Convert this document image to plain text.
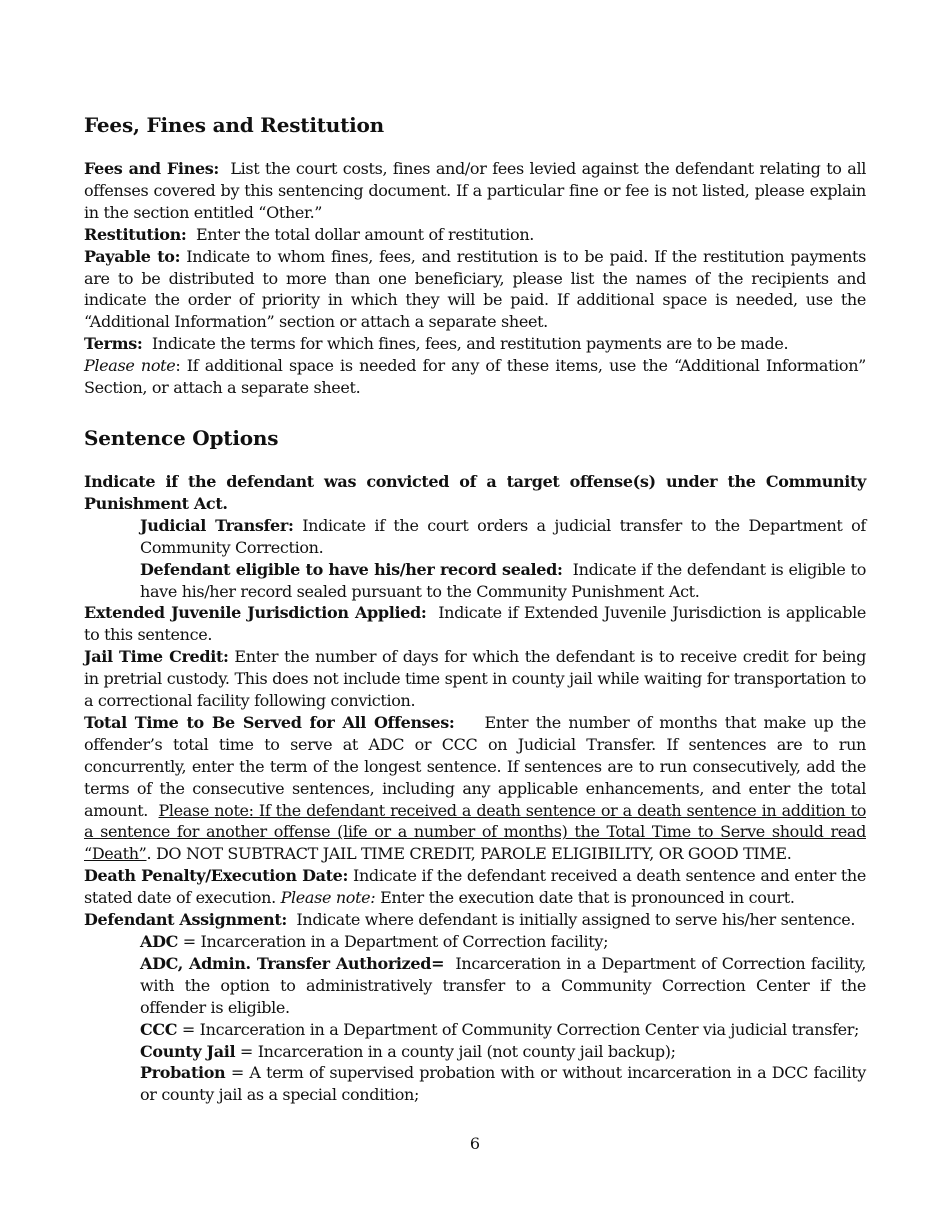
Fees, Fines and Restitution

Fees and Fines: List the court costs, fines and/or fees levied against the defendant relating to all offenses covered by this sentencing document. If a particular fine or fee is not listed, please explain in the section entitled “Other.”

Restitution: Enter the total dollar amount of restitution.

Payable to: Indicate to whom fines, fees, and restitution is to be paid. If the restitution payments are to be distributed to more than one beneficiary, please list the names of the recipients and indicate the order of priority in which they will be paid. If additional space is needed, use the “Additional Information” section or attach a separate sheet.

Terms: Indicate the terms for which fines, fees, and restitution payments are to be made.

Please note: If additional space is needed for any of these items, use the “Additional Information” Section, or attach a separate sheet.

Sentence Options

Indicate if the defendant was convicted of a target offense(s) under the Community Punishment Act.

Judicial Transfer: Indicate if the court orders a judicial transfer to the Department of Community Correction.

Defendant eligible to have his/her record sealed: Indicate if the defendant is eligible to have his/her record sealed pursuant to the Community Punishment Act.

Extended Juvenile Jurisdiction Applied: Indicate if Extended Juvenile Jurisdiction is applicable to this sentence.

Jail Time Credit: Enter the number of days for which the defendant is to receive credit for being in pretrial custody. This does not include time spent in county jail while waiting for transportation to a correctional facility following conviction.

Total Time to Be Served for All Offenses: Enter the number of months that make up the offender’s total time to serve at ADC or CCC on Judicial Transfer. If sentences are to run concurrently, enter the term of the longest sentence. If sentences are to run consecutively, add the terms of the consecutive sentences, including any applicable enhancements, and enter the total amount. Please note: If the defendant received a death sentence or a death sentence in addition to a sentence for another offense (life or a number of months) the Total Time to Serve should read “Death”. DO NOT SUBTRACT JAIL TIME CREDIT, PAROLE ELIGIBILITY, OR GOOD TIME.

Death Penalty/Execution Date: Indicate if the defendant received a death sentence and enter the stated date of execution. Please note: Enter the execution date that is pronounced in court.

Defendant Assignment: Indicate where defendant is initially assigned to serve his/her sentence.

ADC = Incarceration in a Department of Correction facility;

ADC, Admin. Transfer Authorized= Incarceration in a Department of Correction facility, with the option to administratively transfer to a Community Correction Center if the offender is eligible.

CCC = Incarceration in a Department of Community Correction Center via judicial transfer;

County Jail = Incarceration in a county jail (not county jail backup);

Probation = A term of supervised probation with or without incarceration in a DCC facility or county jail as a special condition;

6
